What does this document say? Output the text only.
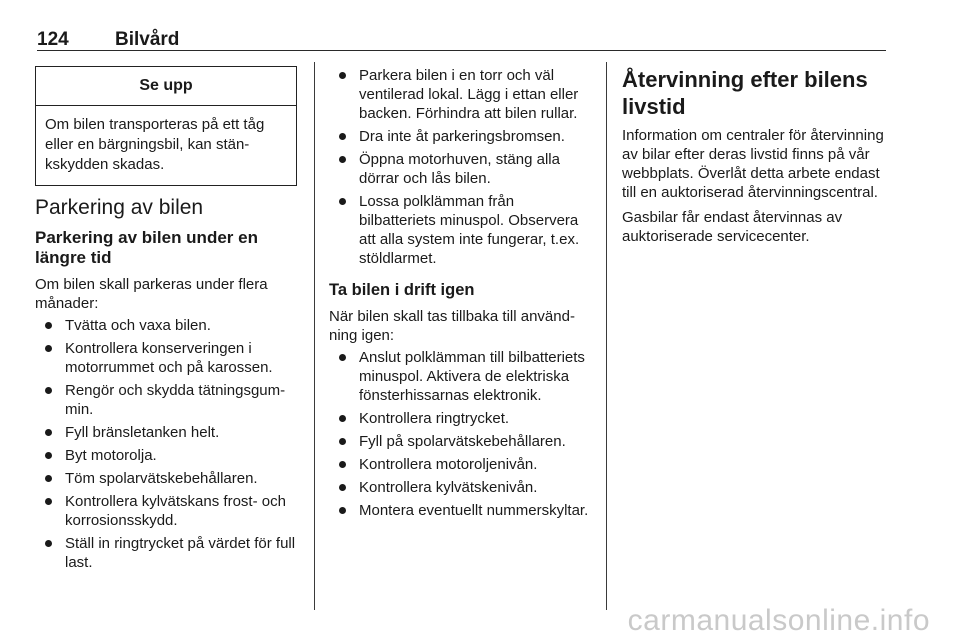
124	Bilvård
Se upp
Om bilen transporteras på ett tåg eller en bärgningsbil, kan stänkskydden skadas.
Parkering av bilen
Parkering av bilen under en längre tid

Om bilen skall parkeras under flera månader:

Tvätta och vaxa bilen.
Kontrollera konserveringen i motorrummet och på karossen.
Rengör och skydda tätningsgummin.
Fyll bränsletanken helt.
Byt motorolja.
Töm spolarvätskebehållaren.
Kontrollera kylvätskans frost- och korrosionsskydd.
Ställ in ringtrycket på värdet för full last.
Parkera bilen i en torr och väl ventilerad lokal. Lägg i ettan eller backen. Förhindra att bilen rullar.
Dra inte åt parkeringsbromsen.
Öppna motorhuven, stäng alla dörrar och lås bilen.
Lossa polklämman från bilbatteriets minuspol. Observera att alla system inte fungerar, t.ex. stöldlarmet.
Ta bilen i drift igen

När bilen skall tas tillbaka till användning igen:

Anslut polklämman till bilbatteriets minuspol. Aktivera de elektriska fönsterhissarnas elektronik.
Kontrollera ringtrycket.
Fyll på spolarvätskebehållaren.
Kontrollera motoroljenivån.
Kontrollera kylvätskenivån.
Montera eventuellt nummerskyltar.
Återvinning efter bilens livstid

Information om centraler för återvinning av bilar efter deras livstid finns på vår webbplats. Överlåt detta arbete endast till en auktoriserad återvinningscentral.

Gasbilar får endast återvinnas av auktoriserade servicecenter.

carmanualsonline.info
